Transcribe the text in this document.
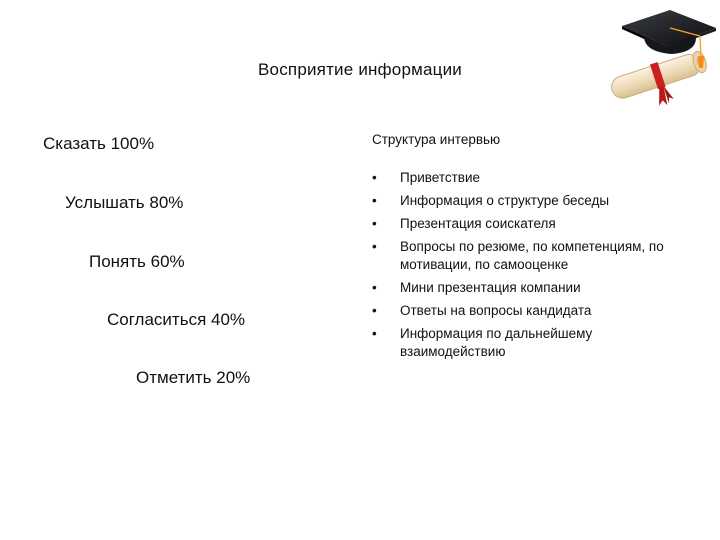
Восприятие информации
Сказать 100%
Услышать 80%
Понять 60%
Согласиться 40%
Отметить 20%
Структура интервью
•	Приветствие
•	Информация о структуре беседы
•	Презентация соискателя
•	Вопросы по резюме, по компетенциям, по мотивации, по самооценке
•	Мини презентация компании
•	Ответы на вопросы кандидата
•	Информация по дальнейшему взаимодействию
